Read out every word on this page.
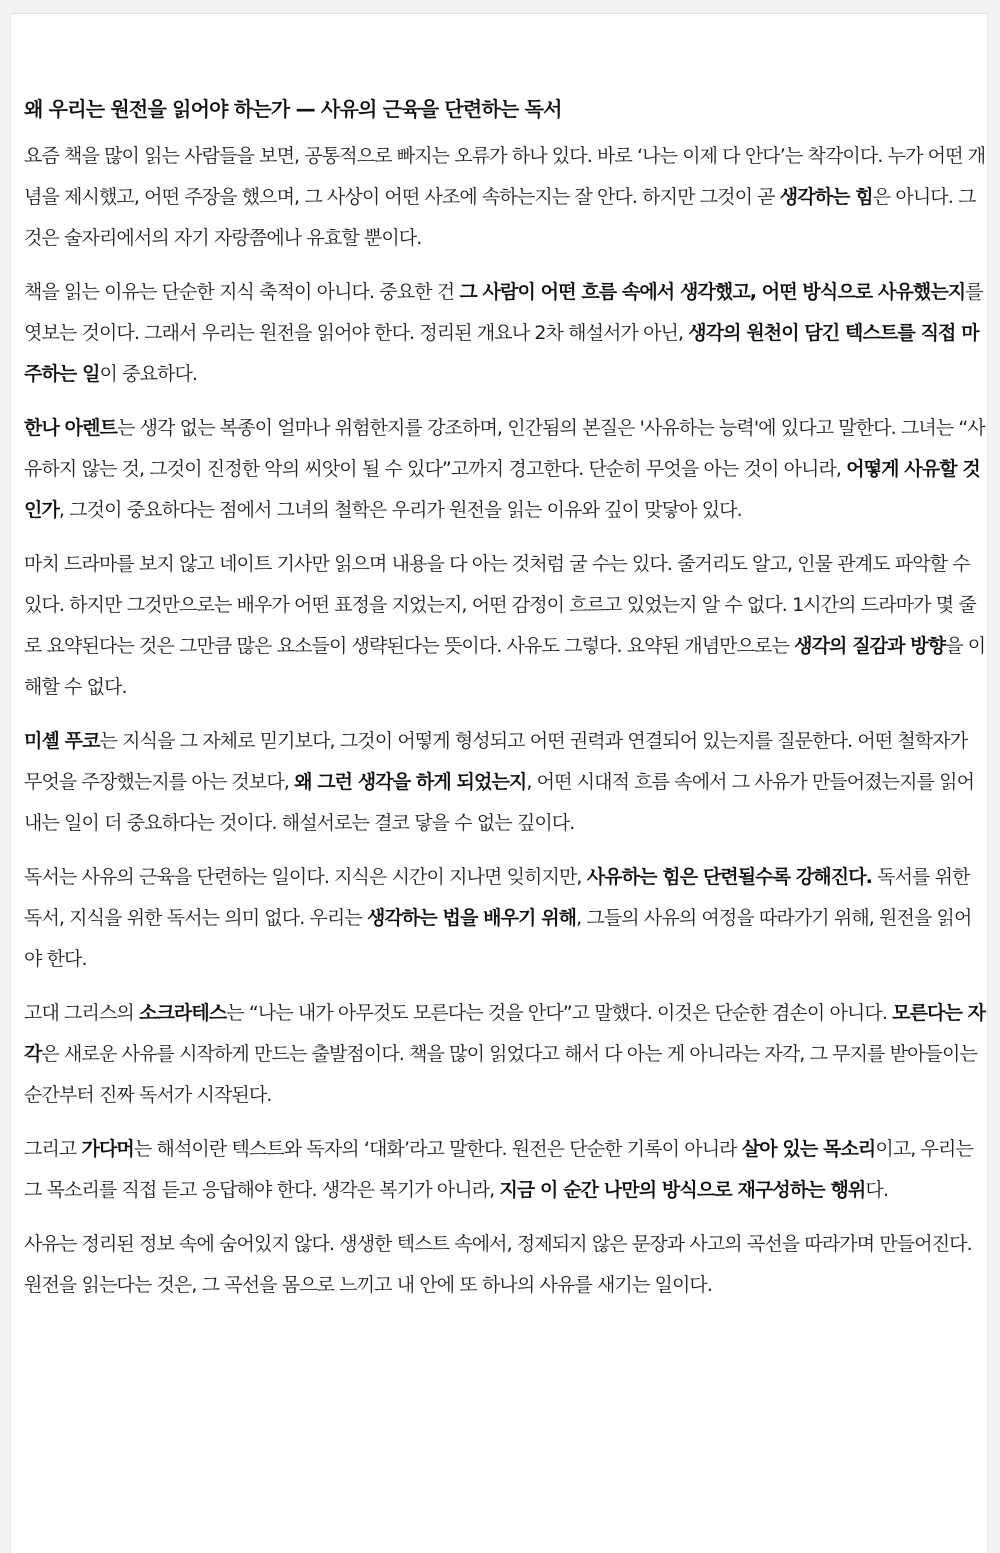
왜 우리는 원전을 읽어야 하는가 — 사유의 근육을 단련하는 독서

요즘 책을 많이 읽는 사람들을 보면, 공통적으로 빠지는 오류가 하나 있다. 바로 ‘나는 이제 다 안다’는 착각이다. 누가 어떤 개념을 제시했고, 어떤 주장을 했으며, 그 사상이 어떤 사조에 속하는지는 잘 안다. 하지만 그것이 곧 생각하는 힘은 아니다. 그것은 술자리에서의 자기 자랑쯤에나 유효할 뿐이다.

책을 읽는 이유는 단순한 지식 축적이 아니다. 중요한 건 그 사람이 어떤 흐름 속에서 생각했고, 어떤 방식으로 사유했는지를 엿보는 것이다. 그래서 우리는 원전을 읽어야 한다. 정리된 개요나 2차 해설서가 아닌, 생각의 원천이 담긴 텍스트를 직접 마주하는 일이 중요하다.

한나 아렌트는 생각 없는 복종이 얼마나 위험한지를 강조하며, 인간됨의 본질은 '사유하는 능력'에 있다고 말한다. 그녀는 “사유하지 않는 것, 그것이 진정한 악의 씨앗이 될 수 있다”고까지 경고한다. 단순히 무엇을 아는 것이 아니라, 어떻게 사유할 것인가, 그것이 중요하다는 점에서 그녀의 철학은 우리가 원전을 읽는 이유와 깊이 맞닿아 있다.

마치 드라마를 보지 않고 네이트 기사만 읽으며 내용을 다 아는 것처럼 굴 수는 있다. 줄거리도 알고, 인물 관계도 파악할 수 있다. 하지만 그것만으로는 배우가 어떤 표정을 지었는지, 어떤 감정이 흐르고 있었는지 알 수 없다. 1시간의 드라마가 몇 줄로 요약된다는 것은 그만큼 많은 요소들이 생략된다는 뜻이다. 사유도 그렇다. 요약된 개념만으로는 생각의 질감과 방향을 이해할 수 없다.

미셸 푸코는 지식을 그 자체로 믿기보다, 그것이 어떻게 형성되고 어떤 권력과 연결되어 있는지를 질문한다. 어떤 철학자가 무엇을 주장했는지를 아는 것보다, 왜 그런 생각을 하게 되었는지, 어떤 시대적 흐름 속에서 그 사유가 만들어졌는지를 읽어내는 일이 더 중요하다는 것이다. 해설서로는 결코 닿을 수 없는 깊이다.

독서는 사유의 근육을 단련하는 일이다. 지식은 시간이 지나면 잊히지만, 사유하는 힘은 단련될수록 강해진다. 독서를 위한 독서, 지식을 위한 독서는 의미 없다. 우리는 생각하는 법을 배우기 위해, 그들의 사유의 여정을 따라가기 위해, 원전을 읽어야 한다.

고대 그리스의 소크라테스는 “나는 내가 아무것도 모른다는 것을 안다”고 말했다. 이것은 단순한 겸손이 아니다. 모른다는 자각은 새로운 사유를 시작하게 만드는 출발점이다. 책을 많이 읽었다고 해서 다 아는 게 아니라는 자각, 그 무지를 받아들이는 순간부터 진짜 독서가 시작된다.

그리고 가다머는 해석이란 텍스트와 독자의 ‘대화’라고 말한다. 원전은 단순한 기록이 아니라 살아 있는 목소리이고, 우리는 그 목소리를 직접 듣고 응답해야 한다. 생각은 복기가 아니라, 지금 이 순간 나만의 방식으로 재구성하는 행위다.

사유는 정리된 정보 속에 숨어있지 않다. 생생한 텍스트 속에서, 정제되지 않은 문장과 사고의 곡선을 따라가며 만들어진다. 원전을 읽는다는 것은, 그 곡선을 몸으로 느끼고 내 안에 또 하나의 사유를 새기는 일이다.
